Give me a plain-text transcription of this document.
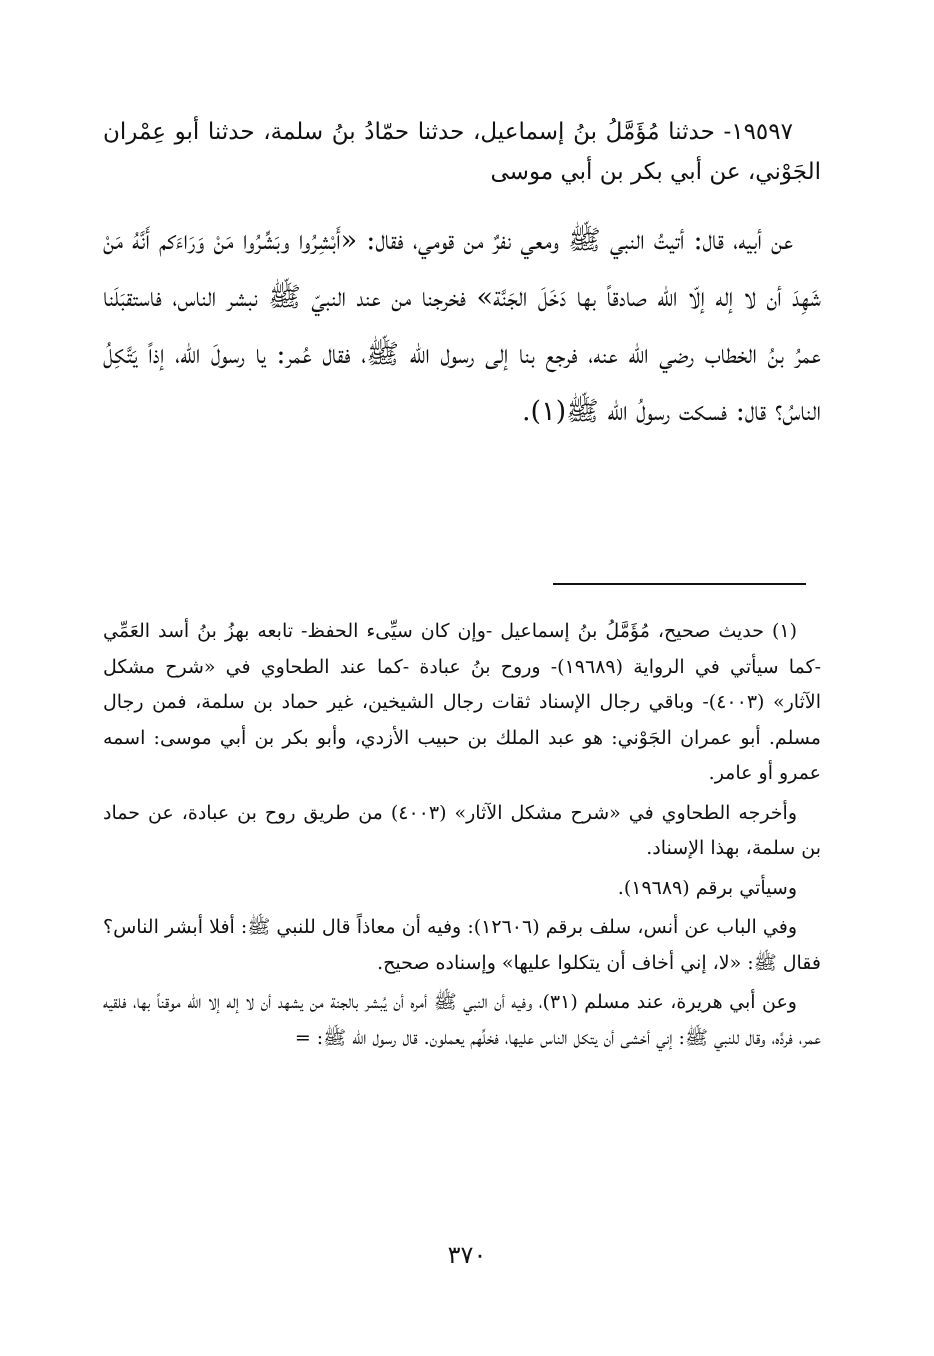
١٩٥٩٧- حدثنا مُؤَمَّلُ بنُ إسماعيل، حدثنا حمّادُ بنُ سلمة، حدثنا أبو عِمْران الجَوْني، عن أبي بكر بن أبي موسى
عن أبيه، قال: أتيتُ النبي ﷺ ومعي نفرٌ من قومي، فقال: «أَبْشِرُوا وبَشِّرُوا مَنْ وَرَاءَكم أَنَّهُ مَنْ شَهِدَ أن لا إله إلّا الله صادقاً بها دَخَلَ الجَنَّة» فخرجنا من عند النبيّ ﷺ نبشر الناس، فاستقبَلَنا عمرُ بنُ الخطاب رضي الله عنه، فرجع بنا إلى رسول الله ﷺ، فقال عُمر: يا رسولَ الله، إذاً يَتَّكِلُ الناسُ؟ قال: فسكت رسولُ الله ﷺ(١).
(١) حديث صحيح، مُؤَمَّلُ بنُ إسماعيل -وإن كان سيِّىء الحفظ- تابعه بهزُ بنُ أسد العَمِّي -كما سيأتي في الرواية (١٩٦٨٩)- وروح بنُ عبادة -كما عند الطحاوي في «شرح مشكل الآثار» (٤٠٠٣)- وباقي رجال الإسناد ثقات رجال الشيخين، غير حماد بن سلمة، فمن رجال مسلم. أبو عمران الجَوْني: هو عبد الملك بن حبيب الأزدي، وأبو بكر بن أبي موسى: اسمه عمرو أو عامر.
وأخرجه الطحاوي في «شرح مشكل الآثار» (٤٠٠٣) من طريق روح بن عبادة، عن حماد بن سلمة، بهذا الإسناد.
وسيأتي برقم (١٩٦٨٩).
وفي الباب عن أنس، سلف برقم (١٢٦٠٦): وفيه أن معاذاً قال للنبي ﷺ: أفلا أبشر الناس؟ فقال ﷺ: «لا، إني أخاف أن يتكلوا عليها» وإسناده صحيح.
وعن أبي هريرة، عند مسلم (٣١)، وفيه أن النبي ﷺ أمره أن يُبشر بالجنة من يشهد أن لا إله إلا الله موقناً بها، فلقيه عمر، فردَّه، وقال للنبي ﷺ: إني أخشى أن يتكل الناس عليها، فخلِّهم يعملون. قال رسول الله ﷺ: =
٣٧٠
